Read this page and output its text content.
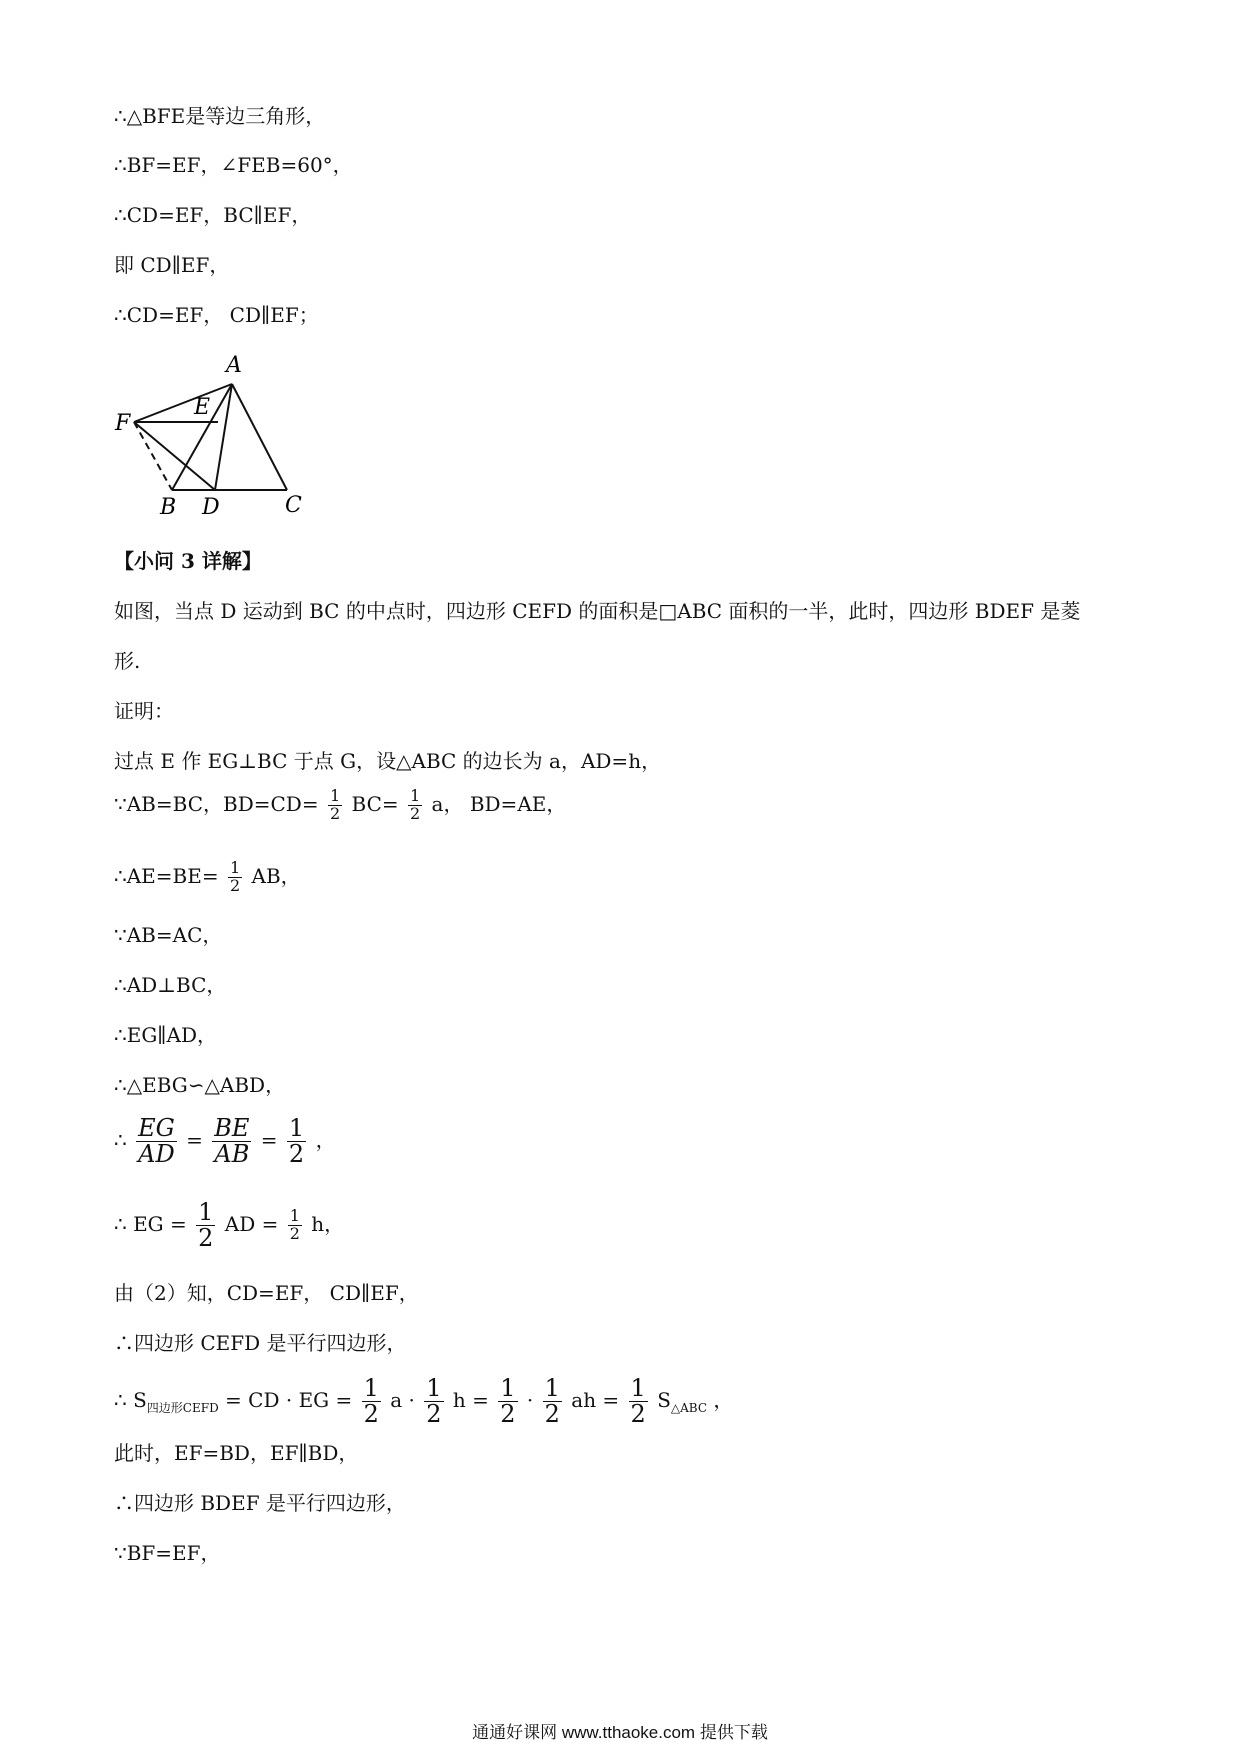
∴△BFE是等边三角形，
∴BF=EF，∠FEB=60°，
∴CD=EF，BC∥EF，
即 CD∥EF，
∴CD=EF， CD∥EF；
A
E
F
B D	C
【小问 3 详解】
如图，当点 D 运动到 BC 的中点时，四边形 CEFD 的面积是□ABC 面积的一半，此时，四边形 BDEF 是菱
形.
证明：
过点 E 作 EG⊥BC 于点 G，设△ABC 的边长为 a，AD=h，
∵AB=BC，$BD=CD= \frac{1}{2} BC= \frac{1}{2}$ a， BD=AE，
∴AE=BE= $\frac{1}{2}$ AB，
∵AB=AC，
∴AD⊥BC，
∴EG∥AD，
∴△EBG∽△ABD，
∴ $\frac{EG}{AD} = \frac{BE}{AB} = \frac{1}{2}$ ，
∴ EG = $\frac{1}{2}$ AD = $\frac{1}{2}$ h，
由（2）知，CD=EF， CD∥EF，
∴四边形 CEFD 是平行四边形，
∴ $S_{四边形CEFD}$ = CD · EG = $\frac{1}{2}$ $a \cdot \frac{1}{2}$ $h = \frac{1}{2} \cdot \frac{1}{2}$ ah = $\frac{1}{2} S_{\triangle ABC}$ ，
此时，EF=BD，EF∥BD，
∴四边形 BDEF 是平行四边形，
∵BF=EF，
通通好课网 www.tthaoke.com 提供下载
